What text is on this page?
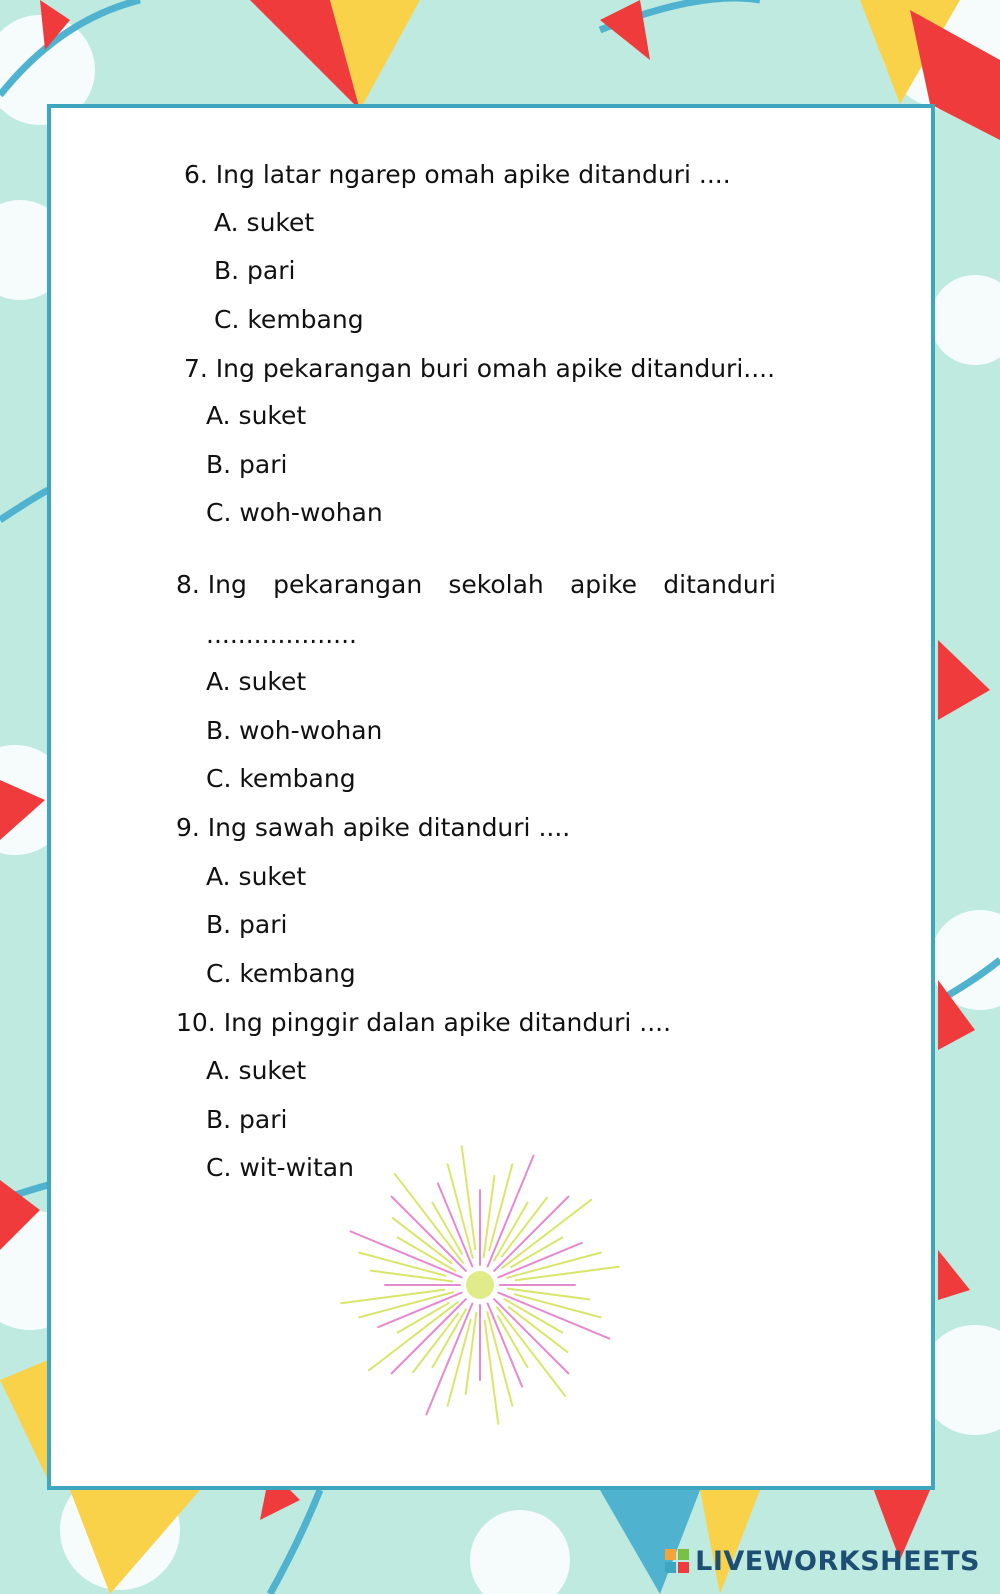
6. Ing latar ngarep omah apike ditanduri ....
A. suket
B. pari
C. kembang
7. Ing pekarangan buri omah apike ditanduri....
A. suket
B. pari
C. woh-wohan
8. Ing pekarangan sekolah apike ditanduri
...................
A. suket
B. woh-wohan
C. kembang
9. Ing sawah apike ditanduri ....
A. suket
B. pari
C. kembang
10. Ing pinggir dalan apike ditanduri ....
A. suket
B. pari
C. wit-witan
LIVEWORKSHEETS
